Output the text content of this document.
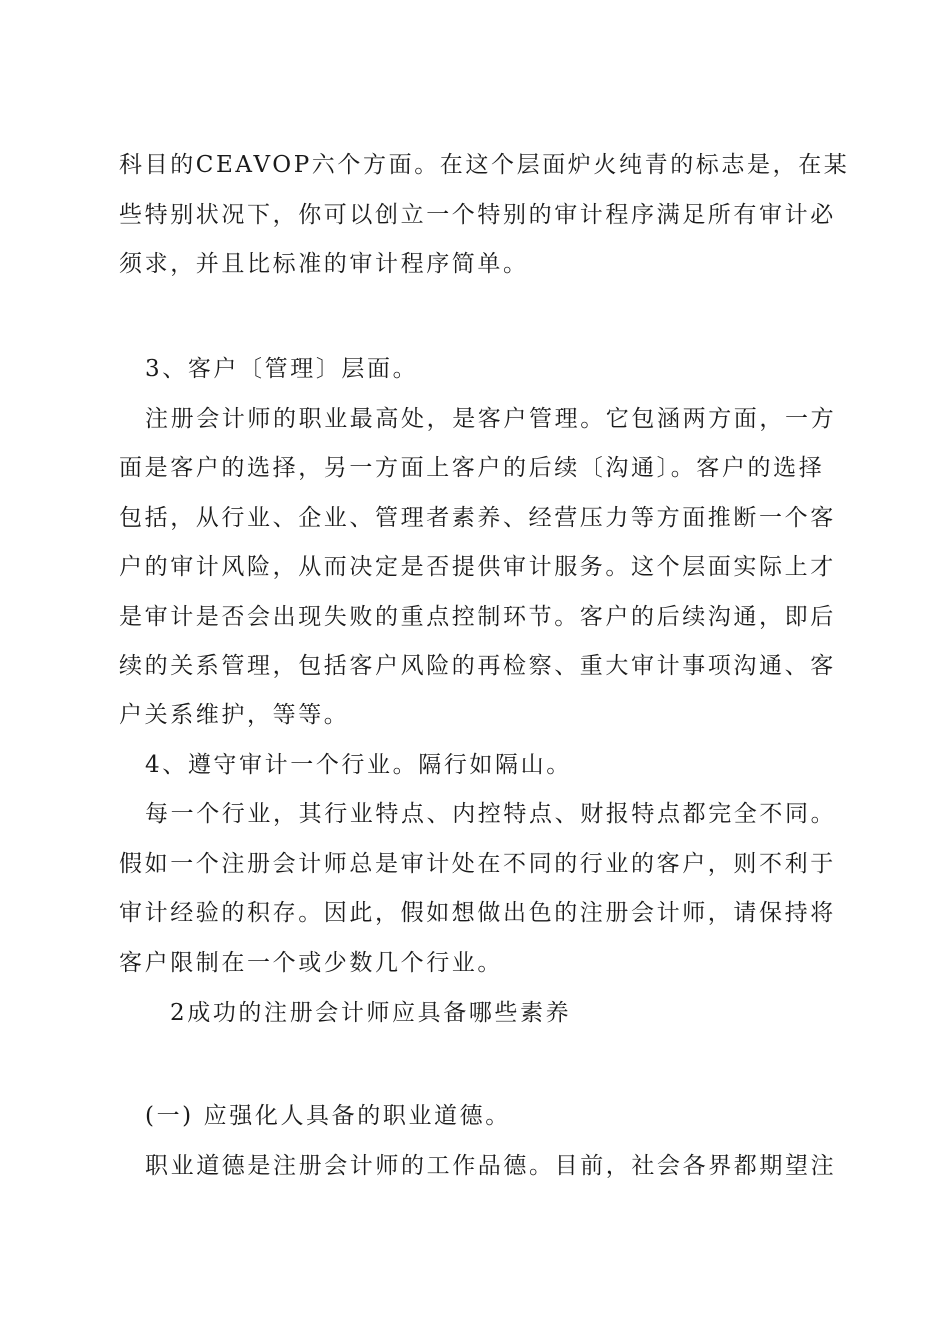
科目的CEAVOP六个方面。在这个层面炉火纯青的标志是，在某

些特别状况下，你可以创立一个特别的审计程序满足所有审计必

须求，并且比标准的审计程序简单。

3、客户〔管理〕层面。

注册会计师的职业最高处，是客户管理。它包涵两方面，一方

面是客户的选择，另一方面上客户的后续〔沟通〕。客户的选择

包括，从行业、企业、管理者素养、经营压力等方面推断一个客

户的审计风险，从而决定是否提供审计服务。这个层面实际上才

是审计是否会出现失败的重点控制环节。客户的后续沟通，即后

续的关系管理，包括客户风险的再检察、重大审计事项沟通、客

户关系维护，等等。

4、遵守审计一个行业。隔行如隔山。

每一个行业，其行业特点、内控特点、财报特点都完全不同。

假如一个注册会计师总是审计处在不同的行业的客户，则不利于

审计经验的积存。因此，假如想做出色的注册会计师，请保持将

客户限制在一个或少数几个行业。

2成功的注册会计师应具备哪些素养

(一) 应强化人具备的职业道德。

职业道德是注册会计师的工作品德。目前，社会各界都期望注
